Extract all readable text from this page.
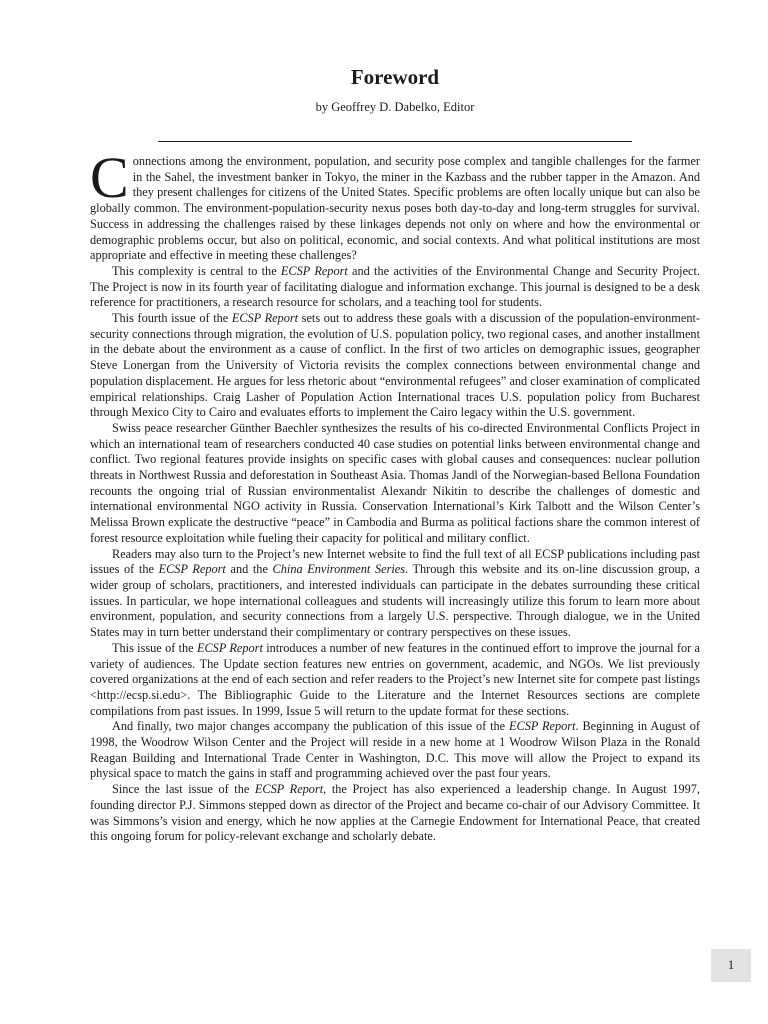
Foreword
by Geoffrey D. Dabelko, Editor

Connections among the environment, population, and security pose complex and tangible challenges for the farmer in the Sahel, the investment banker in Tokyo, the miner in the Kazbass and the rubber tapper in the Amazon. And they present challenges for citizens of the United States. Specific problems are often locally unique but can also be globally common. The environment-population-security nexus poses both day-to-day and long-term struggles for survival. Success in addressing the challenges raised by these linkages depends not only on where and how the environmental or demographic problems occur, but also on political, economic, and social contexts. And what political institutions are most appropriate and effective in meeting these challenges?

This complexity is central to the ECSP Report and the activities of the Environmental Change and Security Project. The Project is now in its fourth year of facilitating dialogue and information exchange. This journal is designed to be a desk reference for practitioners, a research resource for scholars, and a teaching tool for students.

This fourth issue of the ECSP Report sets out to address these goals with a discussion of the population-environment-security connections through migration, the evolution of U.S. population policy, two regional cases, and another installment in the debate about the environment as a cause of conflict. In the first of two articles on demographic issues, geographer Steve Lonergan from the University of Victoria revisits the complex connections between environmental change and population displacement. He argues for less rhetoric about “environmental refugees” and closer examination of complicated empirical relationships. Craig Lasher of Population Action International traces U.S. population policy from Bucharest through Mexico City to Cairo and evaluates efforts to implement the Cairo legacy within the U.S. government.

Swiss peace researcher Günther Baechler synthesizes the results of his co-directed Environmental Conflicts Project in which an international team of researchers conducted 40 case studies on potential links between environmental change and conflict. Two regional features provide insights on specific cases with global causes and consequences: nuclear pollution threats in Northwest Russia and deforestation in Southeast Asia. Thomas Jandl of the Norwegian-based Bellona Foundation recounts the ongoing trial of Russian environmentalist Alexandr Nikitin to describe the challenges of domestic and international environmental NGO activity in Russia. Conservation International’s Kirk Talbott and the Wilson Center’s Melissa Brown explicate the destructive “peace” in Cambodia and Burma as political factions share the common interest of forest resource exploitation while fueling their capacity for political and military conflict.

Readers may also turn to the Project’s new Internet website to find the full text of all ECSP publications including past issues of the ECSP Report and the China Environment Series. Through this website and its on-line discussion group, a wider group of scholars, practitioners, and interested individuals can participate in the debates surrounding these critical issues. In particular, we hope international colleagues and students will increasingly utilize this forum to learn more about environment, population, and security connections from a largely U.S. perspective. Through dialogue, we in the United States may in turn better understand their complimentary or contrary perspectives on these issues.

This issue of the ECSP Report introduces a number of new features in the continued effort to improve the journal for a variety of audiences. The Update section features new entries on government, academic, and NGOs. We list previously covered organizations at the end of each section and refer readers to the Project’s new Internet site for compete past listings <http://ecsp.si.edu>. The Bibliographic Guide to the Literature and the Internet Resources sections are complete compilations from past issues. In 1999, Issue 5 will return to the update format for these sections.

And finally, two major changes accompany the publication of this issue of the ECSP Report. Beginning in August of 1998, the Woodrow Wilson Center and the Project will reside in a new home at 1 Woodrow Wilson Plaza in the Ronald Reagan Building and International Trade Center in Washington, D.C. This move will allow the Project to expand its physical space to match the gains in staff and programming achieved over the past four years.

Since the last issue of the ECSP Report, the Project has also experienced a leadership change. In August 1997, founding director P.J. Simmons stepped down as director of the Project and became co-chair of our Advisory Committee. It was Simmons’s vision and energy, which he now applies at the Carnegie Endowment for International Peace, that created this ongoing forum for policy-relevant exchange and scholarly debate.

1
